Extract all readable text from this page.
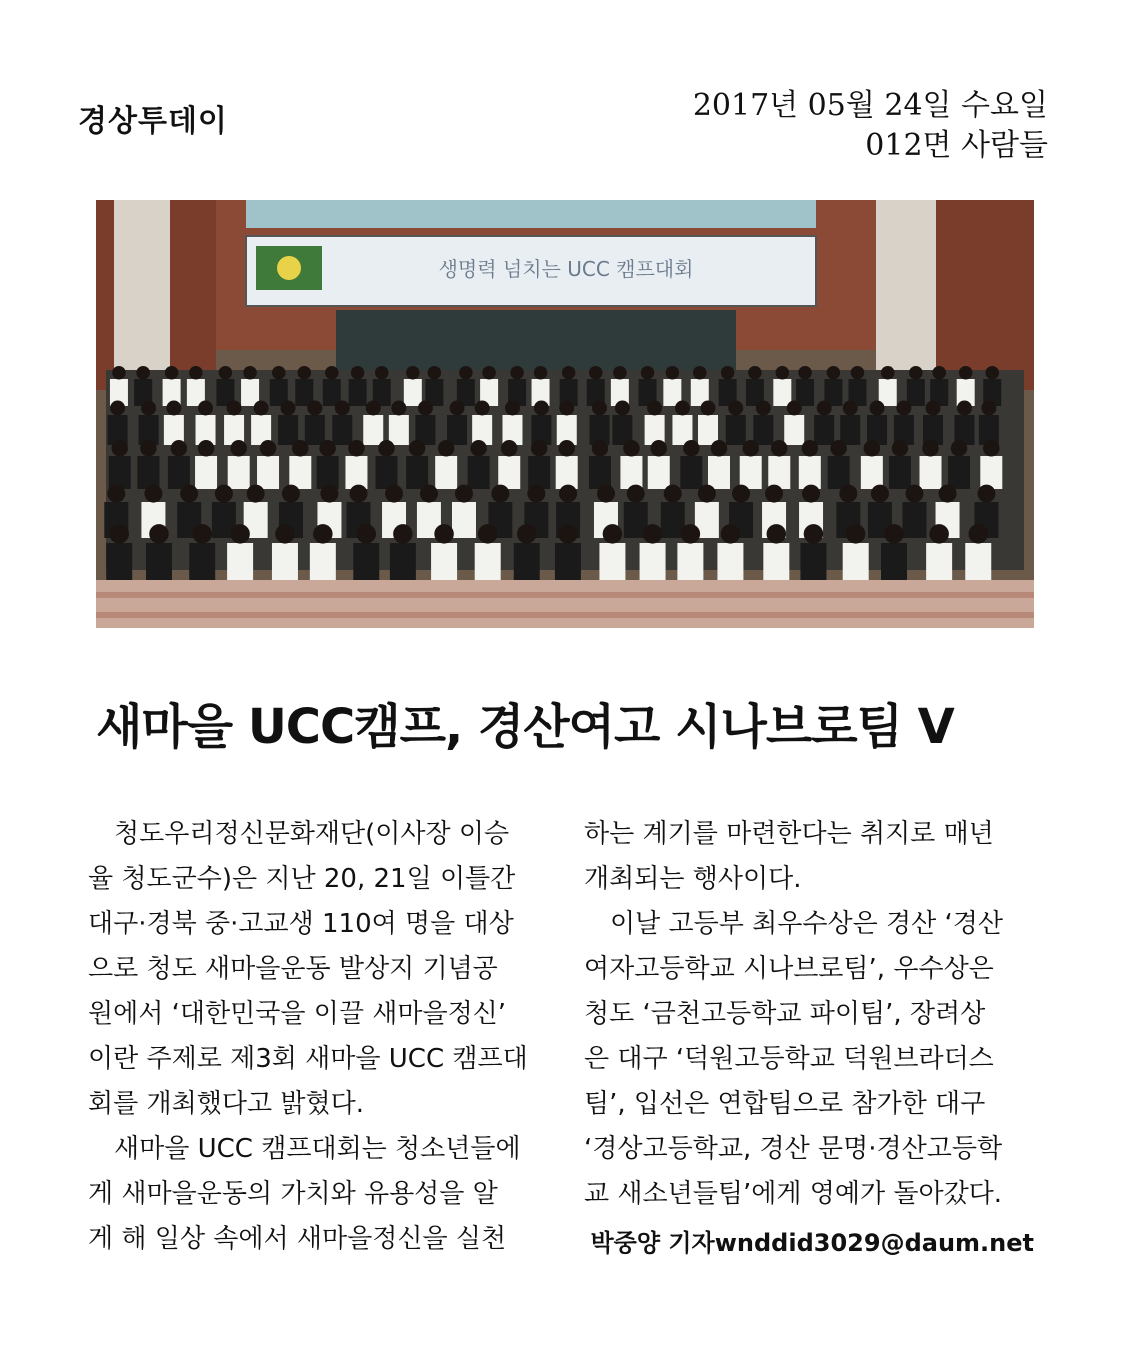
경상투데이	2017년 05월 24일 수요일
012면 사람들
생명력 넘치는 UCC 캠프대회
새마을 UCC캠프, 경산여고 시나브로팀 V
　청도우리정신문화재단(이사장 이승
율 청도군수)은 지난 20, 21일 이틀간
대구·경북 중·고교생 110여 명을 대상
으로 청도 새마을운동 발상지 기념공
원에서 ‘대한민국을 이끌 새마을정신’
이란 주제로 제3회 새마을 UCC 캠프대
회를 개최했다고 밝혔다.
　새마을 UCC 캠프대회는 청소년들에
게 새마을운동의 가치와 유용성을 알
게 해 일상 속에서 새마을정신을 실천
하는 계기를 마련한다는 취지로 매년
개최되는 행사이다.
　이날 고등부 최우수상은 경산 ‘경산
여자고등학교 시나브로팀’, 우수상은
청도 ‘금천고등학교 파이팀’, 장려상
은 대구 ‘덕원고등학교 덕원브라더스
팀’, 입선은 연합팀으로 참가한 대구
‘경상고등학교, 경산 문명·경산고등학
교 새소년들팀’에게 영예가 돌아갔다.
박중양 기자wnddid3029@daum.net
